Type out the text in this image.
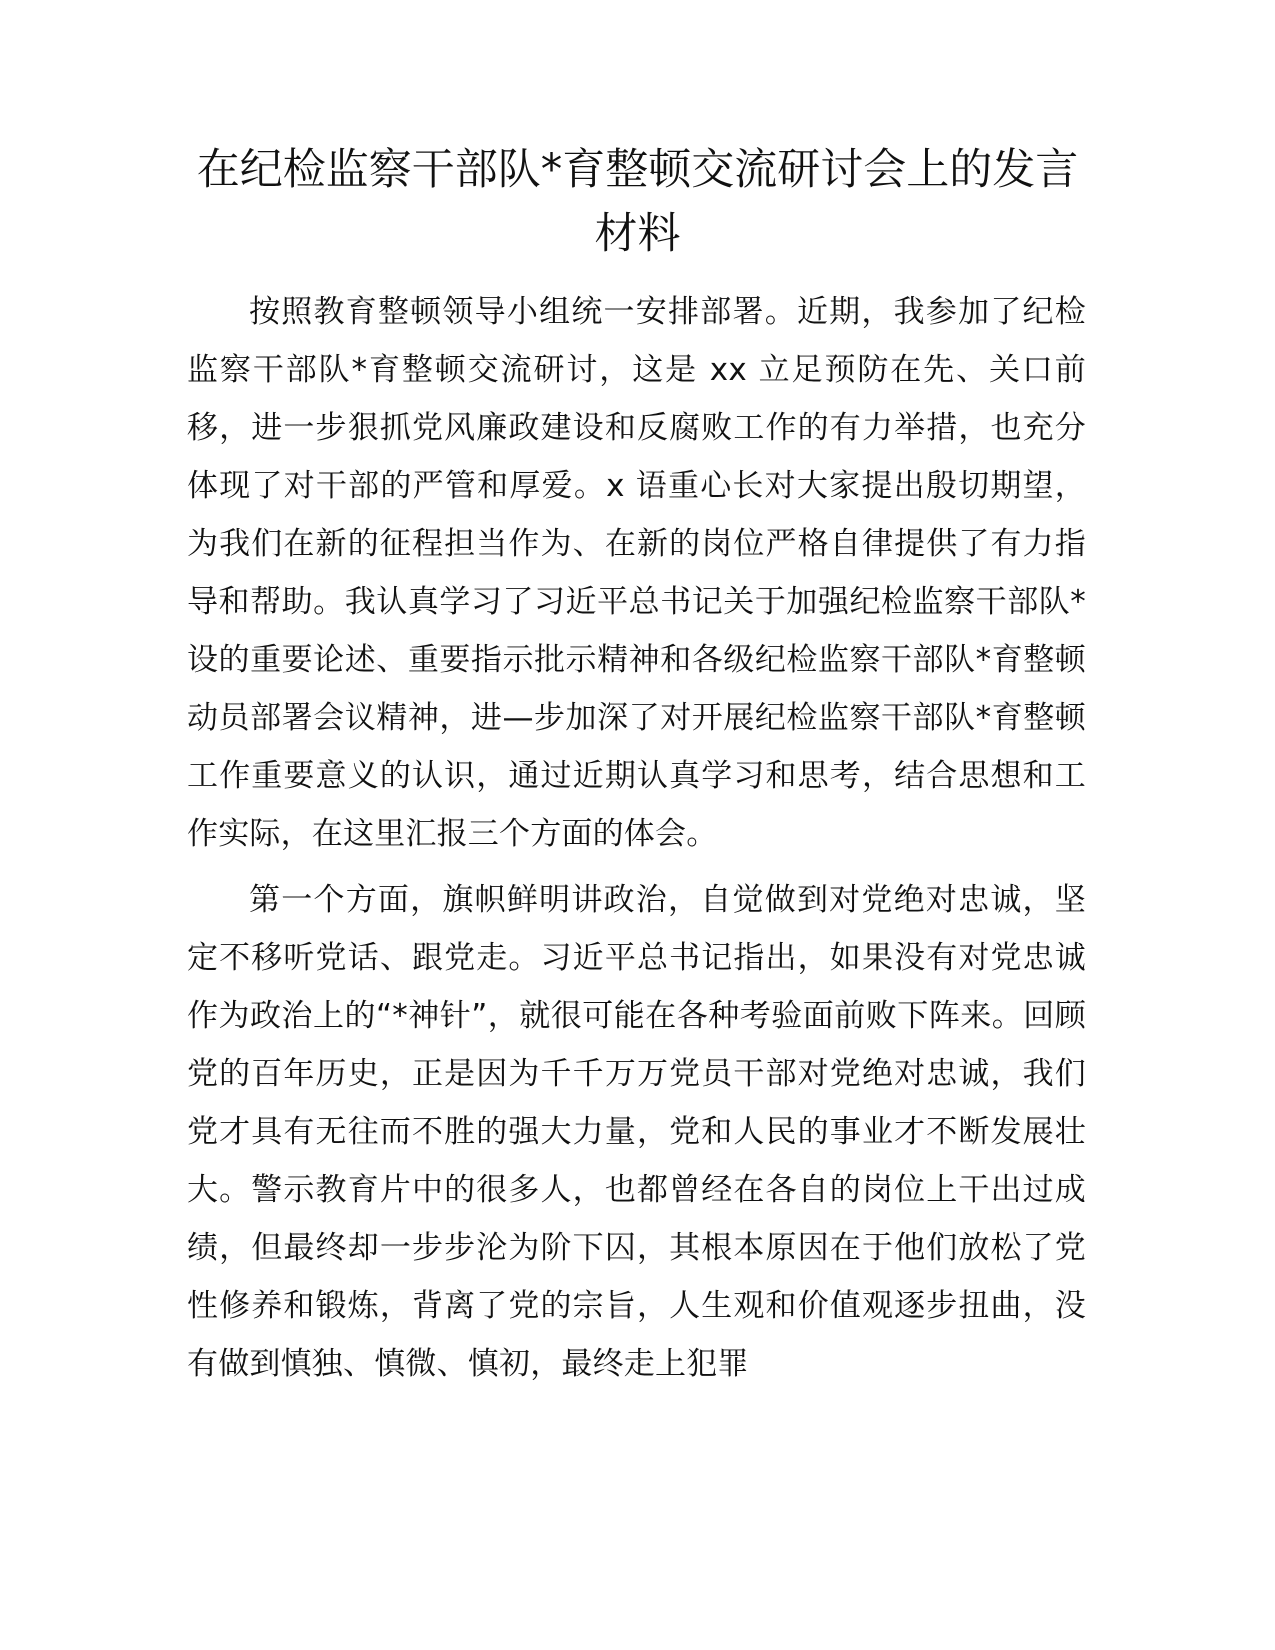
在纪检监察干部队*育整顿交流研讨会上的发言材料

按照教育整顿领导小组统一安排部署。近期，我参加了纪检监察干部队*育整顿交流研讨，这是 xx 立足预防在先、关口前移，进一步狠抓党风廉政建设和反腐败工作的有力举措，也充分体现了对干部的严管和厚爱。x 语重心长对大家提出殷切期望，为我们在新的征程担当作为、在新的岗位严格自律提供了有力指导和帮助。我认真学习了习近平总书记关于加强纪检监察干部队*设的重要论述、重要指示批示精神和各级纪检监察干部队*育整顿动员部署会议精神，进—步加深了对开展纪检监察干部队*育整顿工作重要意义的认识，通过近期认真学习和思考，结合思想和工作实际，在这里汇报三个方面的体会。

第一个方面，旗帜鲜明讲政治，自觉做到对党绝对忠诚，坚定不移听党话、跟党走。习近平总书记指出，如果没有对党忠诚作为政治上的“*神针”，就很可能在各种考验面前败下阵来。回顾党的百年历史，正是因为千千万万党员干部对党绝对忠诚，我们党才具有无往而不胜的强大力量，党和人民的事业才不断发展壮大。警示教育片中的很多人，也都曾经在各自的岗位上干出过成绩，但最终却一步步沦为阶下囚，其根本原因在于他们放松了党性修养和锻炼，背离了党的宗旨，人生观和价值观逐步扭曲，没有做到慎独、慎微、慎初，最终走上犯罪
